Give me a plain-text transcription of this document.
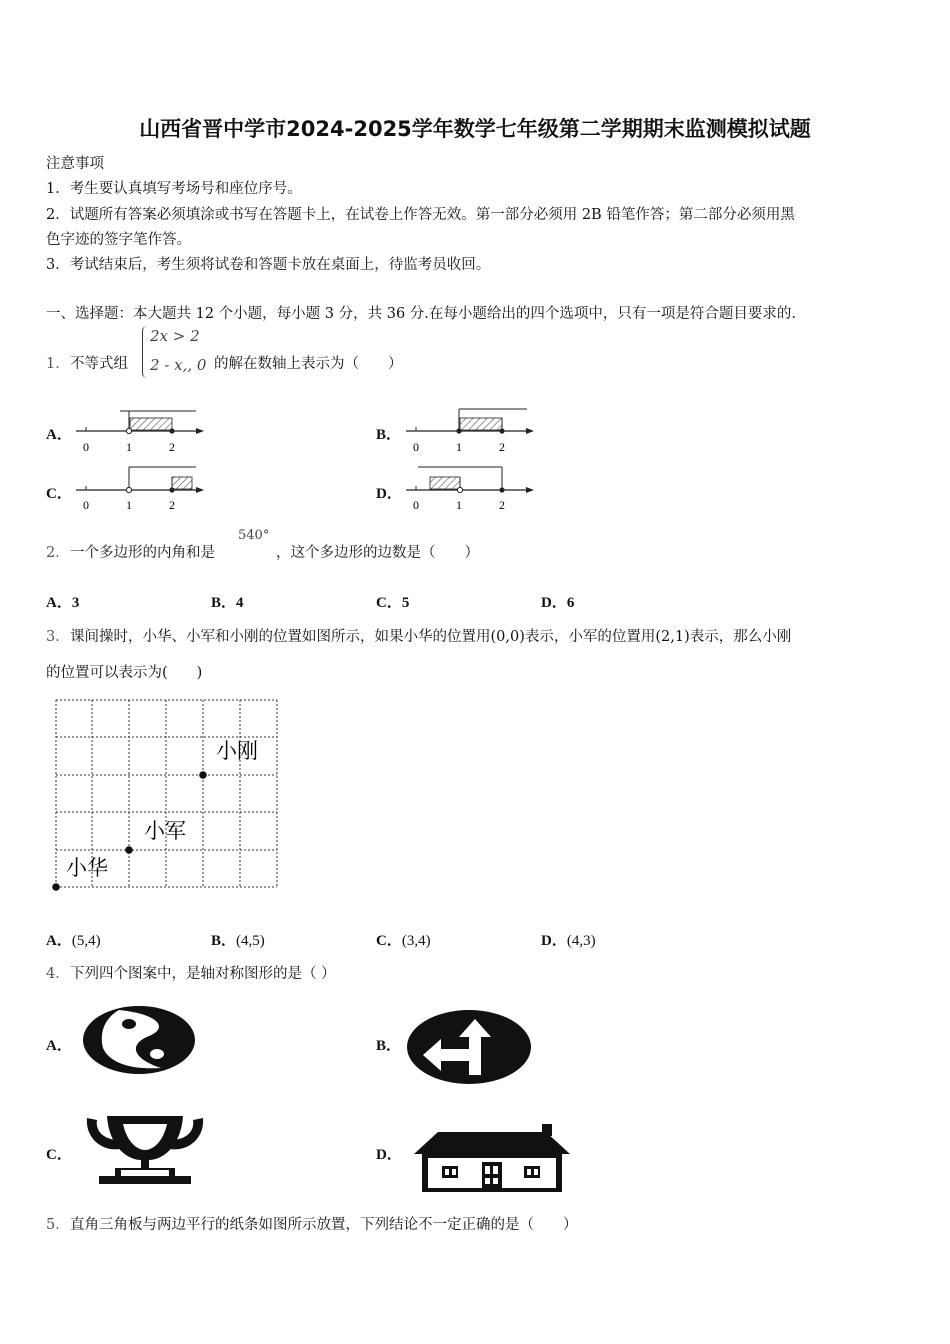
山西省晋中学市2024-2025学年数学七年级第二学期期末监测模拟试题
注意事项
1．考生要认真填写考场号和座位序号。
2．试题所有答案必须填涂或书写在答题卡上，在试卷上作答无效。第一部分必须用 2B 铅笔作答；第二部分必须用黑
色字迹的签字笔作答。
3．考试结束后，考生须将试卷和答题卡放在桌面上，待监考员收回。
一、选择题：本大题共 12 个小题，每小题 3 分，共 36 分.在每小题给出的四个选项中，只有一项是符合题目要求的.
1． 不等式组
2x > 2
2 - x,, 0 的解在数轴上表示为（　　）
A．	B．
C．	D．
0	1	2	0	1	2
0	1	2	0	1	2
小华
小军
小刚
2． 一个多边形的内角和是
540°
，这个多边形的边数是（　　）
A．3	B．4	C．5	D．6
3． 课间操时，小华、小军和小刚的位置如图所示，如果小华的位置用(0,0)表示，小军的位置用(2,1)表示，那么小刚
的位置可以表示为(　　)
A．(5,4)	B．(4,5)	C．(3,4)	D．(4,3)
4． 下列四个图案中，是轴对称图形的是（ ）
A．	B．
C．	D．
5． 直角三角板与两边平行的纸条如图所示放置，下列结论不一定正确的是（　　）
